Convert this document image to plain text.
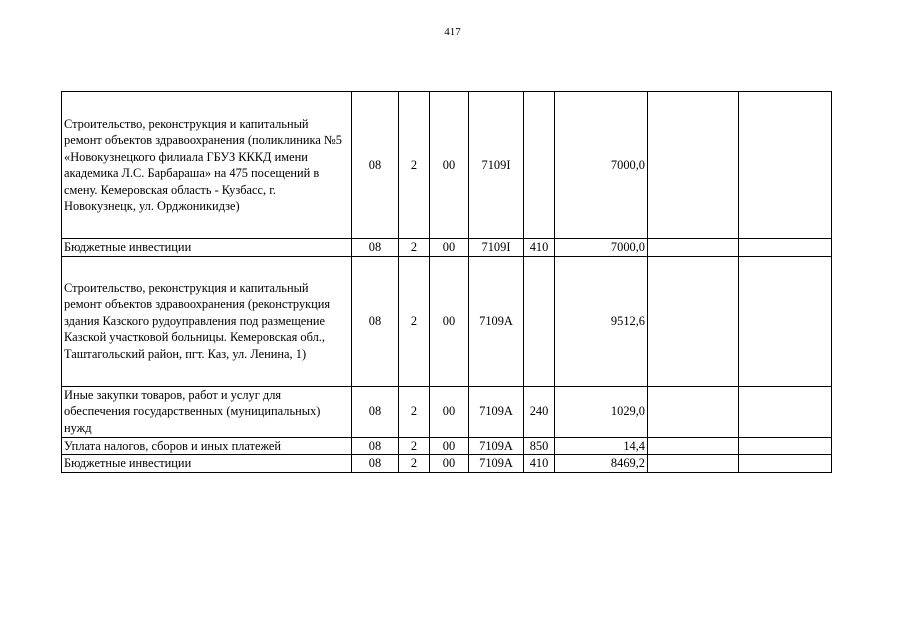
417
Строительство, реконструкция и капитальный ремонт объектов здравоохранения (поликлиника №5 «Новокузнецкого филиала ГБУЗ КККД имени академика Л.С. Барбараша» на 475 посещений в смену. Кемеровская область - Кузбасс, г. Новокузнецк, ул. Орджоникидзе)	08	2	00	7109I		7000,0		
Бюджетные инвестиции	08	2	00	7109I	410	7000,0		
Строительство, реконструкция и капитальный ремонт объектов здравоохранения (реконструкция здания Казского рудоуправления под размещение Казской участковой больницы. Кемеровская обл., Таштагольский район, пгт. Каз, ул. Ленина, 1)	08	2	00	7109A		9512,6		
Иные закупки товаров, работ и услуг для обеспечения государственных (муниципальных) нужд	08	2	00	7109A	240	1029,0		
Уплата налогов, сборов и иных платежей	08	2	00	7109A	850	14,4		
Бюджетные инвестиции	08	2	00	7109A	410	8469,2		
